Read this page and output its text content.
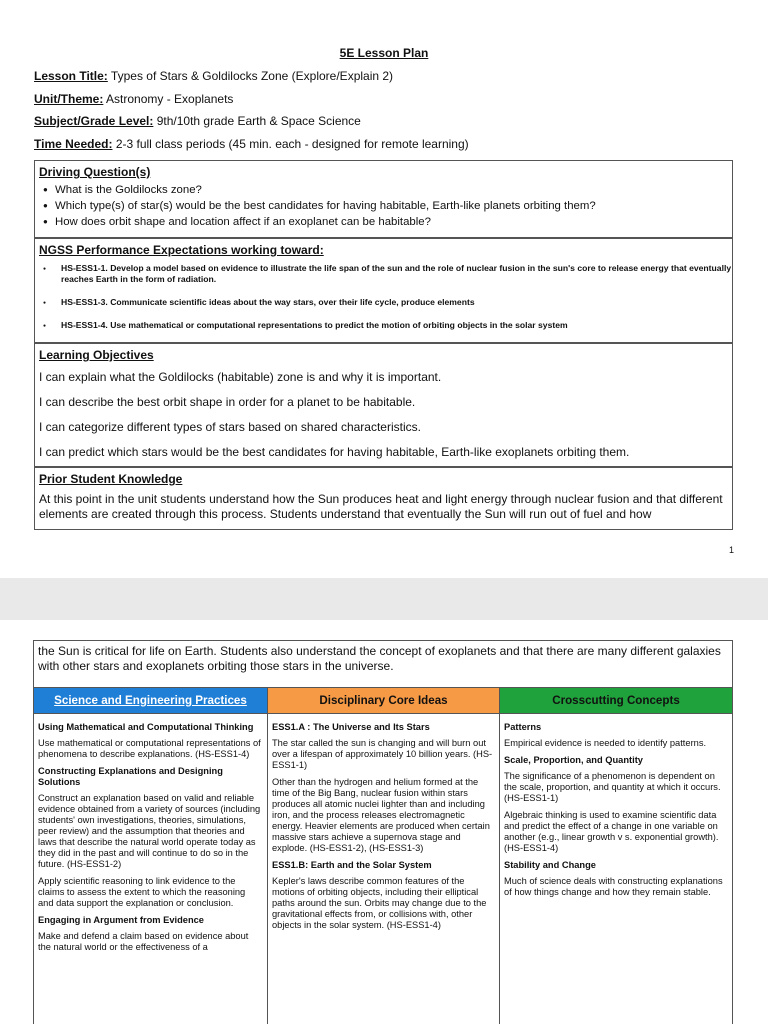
5E Lesson Plan
Lesson Title: Types of Stars & Goldilocks Zone (Explore/Explain 2)
Unit/Theme: Astronomy - Exoplanets
Subject/Grade Level: 9th/10th grade Earth & Space Science
Time Needed: 2-3 full class periods (45 min. each - designed for remote learning)
Driving Question(s)
● What is the Goldilocks zone?
● Which type(s) of star(s) would be the best candidates for having habitable, Earth-like planets orbiting them?
● How does orbit shape and location affect if an exoplanet can be habitable?
NGSS Performance Expectations working toward:
● HS-ESS1-1. Develop a model based on evidence to illustrate the life span of the sun and the role of nuclear fusion in the sun's core to release energy that eventually reaches Earth in the form of radiation.
● HS-ESS1-3. Communicate scientific ideas about the way stars, over their life cycle, produce elements
● HS-ESS1-4. Use mathematical or computational representations to predict the motion of orbiting objects in the solar system
Learning Objectives

I can explain what the Goldilocks (habitable) zone is and why it is important.

I can describe the best orbit shape in order for a planet to be habitable.

I can categorize different types of stars based on shared characteristics.

I can predict which stars would be the best candidates for having habitable, Earth-like exoplanets orbiting them.

Prior Student Knowledge

At this point in the unit students understand how the Sun produces heat and light energy through nuclear fusion and that different elements are created through this process. Students understand that eventually the Sun will run out of fuel and how

1
the Sun is critical for life on Earth. Students also understand the concept of exoplanets and that there are many different galaxies with other stars and exoplanets orbiting those stars in the universe.
Science and Engineering Practices
Using Mathematical and Computational Thinking

Use mathematical or computational representations of phenomena to describe explanations. (HS-ESS1-4)

Constructing Explanations and Designing Solutions

Construct an explanation based on valid and reliable evidence obtained from a variety of sources (including students' own investigations, theories, simulations, peer review) and the assumption that theories and laws that describe the natural world operate today as they did in the past and will continue to do so in the future. (HS-ESS1-2)

Apply scientific reasoning to link evidence to the claims to assess the extent to which the reasoning and data support the explanation or conclusion.

Engaging in Argument from Evidence

Make and defend a claim based on evidence about the natural world or the effectiveness of a

Disciplinary Core Ideas
ESS1.A : The Universe and Its Stars

The star called the sun is changing and will burn out over a lifespan of approximately 10 billion years. (HS-ESS1-1)

Other than the hydrogen and helium formed at the time of the Big Bang, nuclear fusion within stars produces all atomic nuclei lighter than and including iron, and the process releases electromagnetic energy. Heavier elements are produced when certain massive stars achieve a supernova stage and explode. (HS-ESS1-2), (HS-ESS1-3)

ESS1.B: Earth and the Solar System

Kepler's laws describe common features of the motions of orbiting objects, including their elliptical paths around the sun. Orbits may change due to the gravitational effects from, or collisions with, other objects in the solar system. (HS-ESS1-4)

Crosscutting Concepts
Patterns

Empirical evidence is needed to identify patterns.

Scale, Proportion, and Quantity

The significance of a phenomenon is dependent on the scale, proportion, and quantity at which it occurs. (HS-ESS1-1)

Algebraic thinking is used to examine scientific data and predict the effect of a change in one variable on another (e.g., linear growth v s. exponential growth). (HS-ESS1-4)

Stability and Change

Much of science deals with constructing explanations of how things change and how they remain stable.
